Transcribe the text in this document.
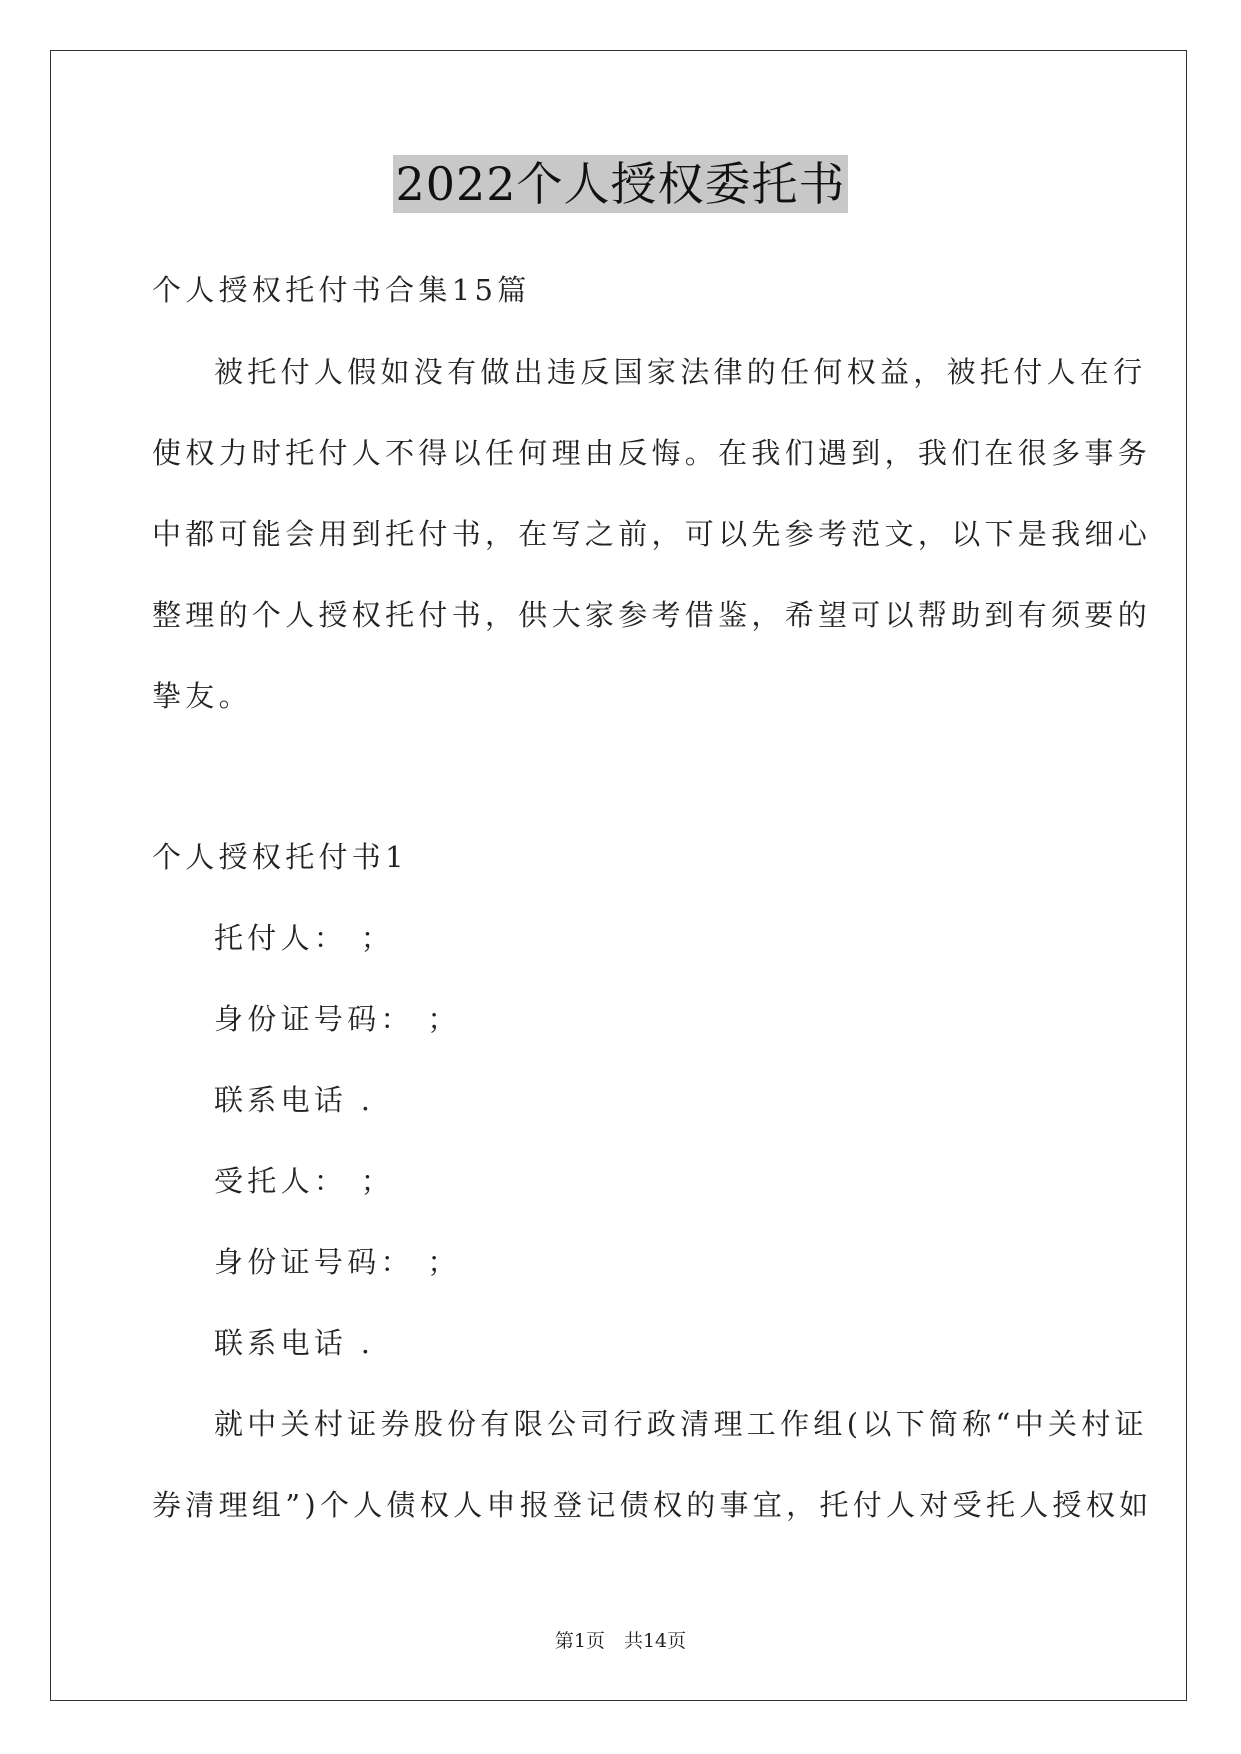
2022个人授权委托书
个人授权托付书合集15篇
被托付人假如没有做出违反国家法律的任何权益，被托付人在行
使权力时托付人不得以任何理由反悔。在我们遇到，我们在很多事务
中都可能会用到托付书，在写之前，可以先参考范文，以下是我细心
整理的个人授权托付书，供大家参考借鉴，希望可以帮助到有须要的
挚友。
个人授权托付书1
托付人： ；
身份证号码： ；
联系电话 .
受托人： ；
身份证号码： ；
联系电话 .
就中关村证券股份有限公司行政清理工作组(以下简称“中关村证
券清理组”)个人债权人申报登记债权的事宜，托付人对受托人授权如
第1页　共14页
